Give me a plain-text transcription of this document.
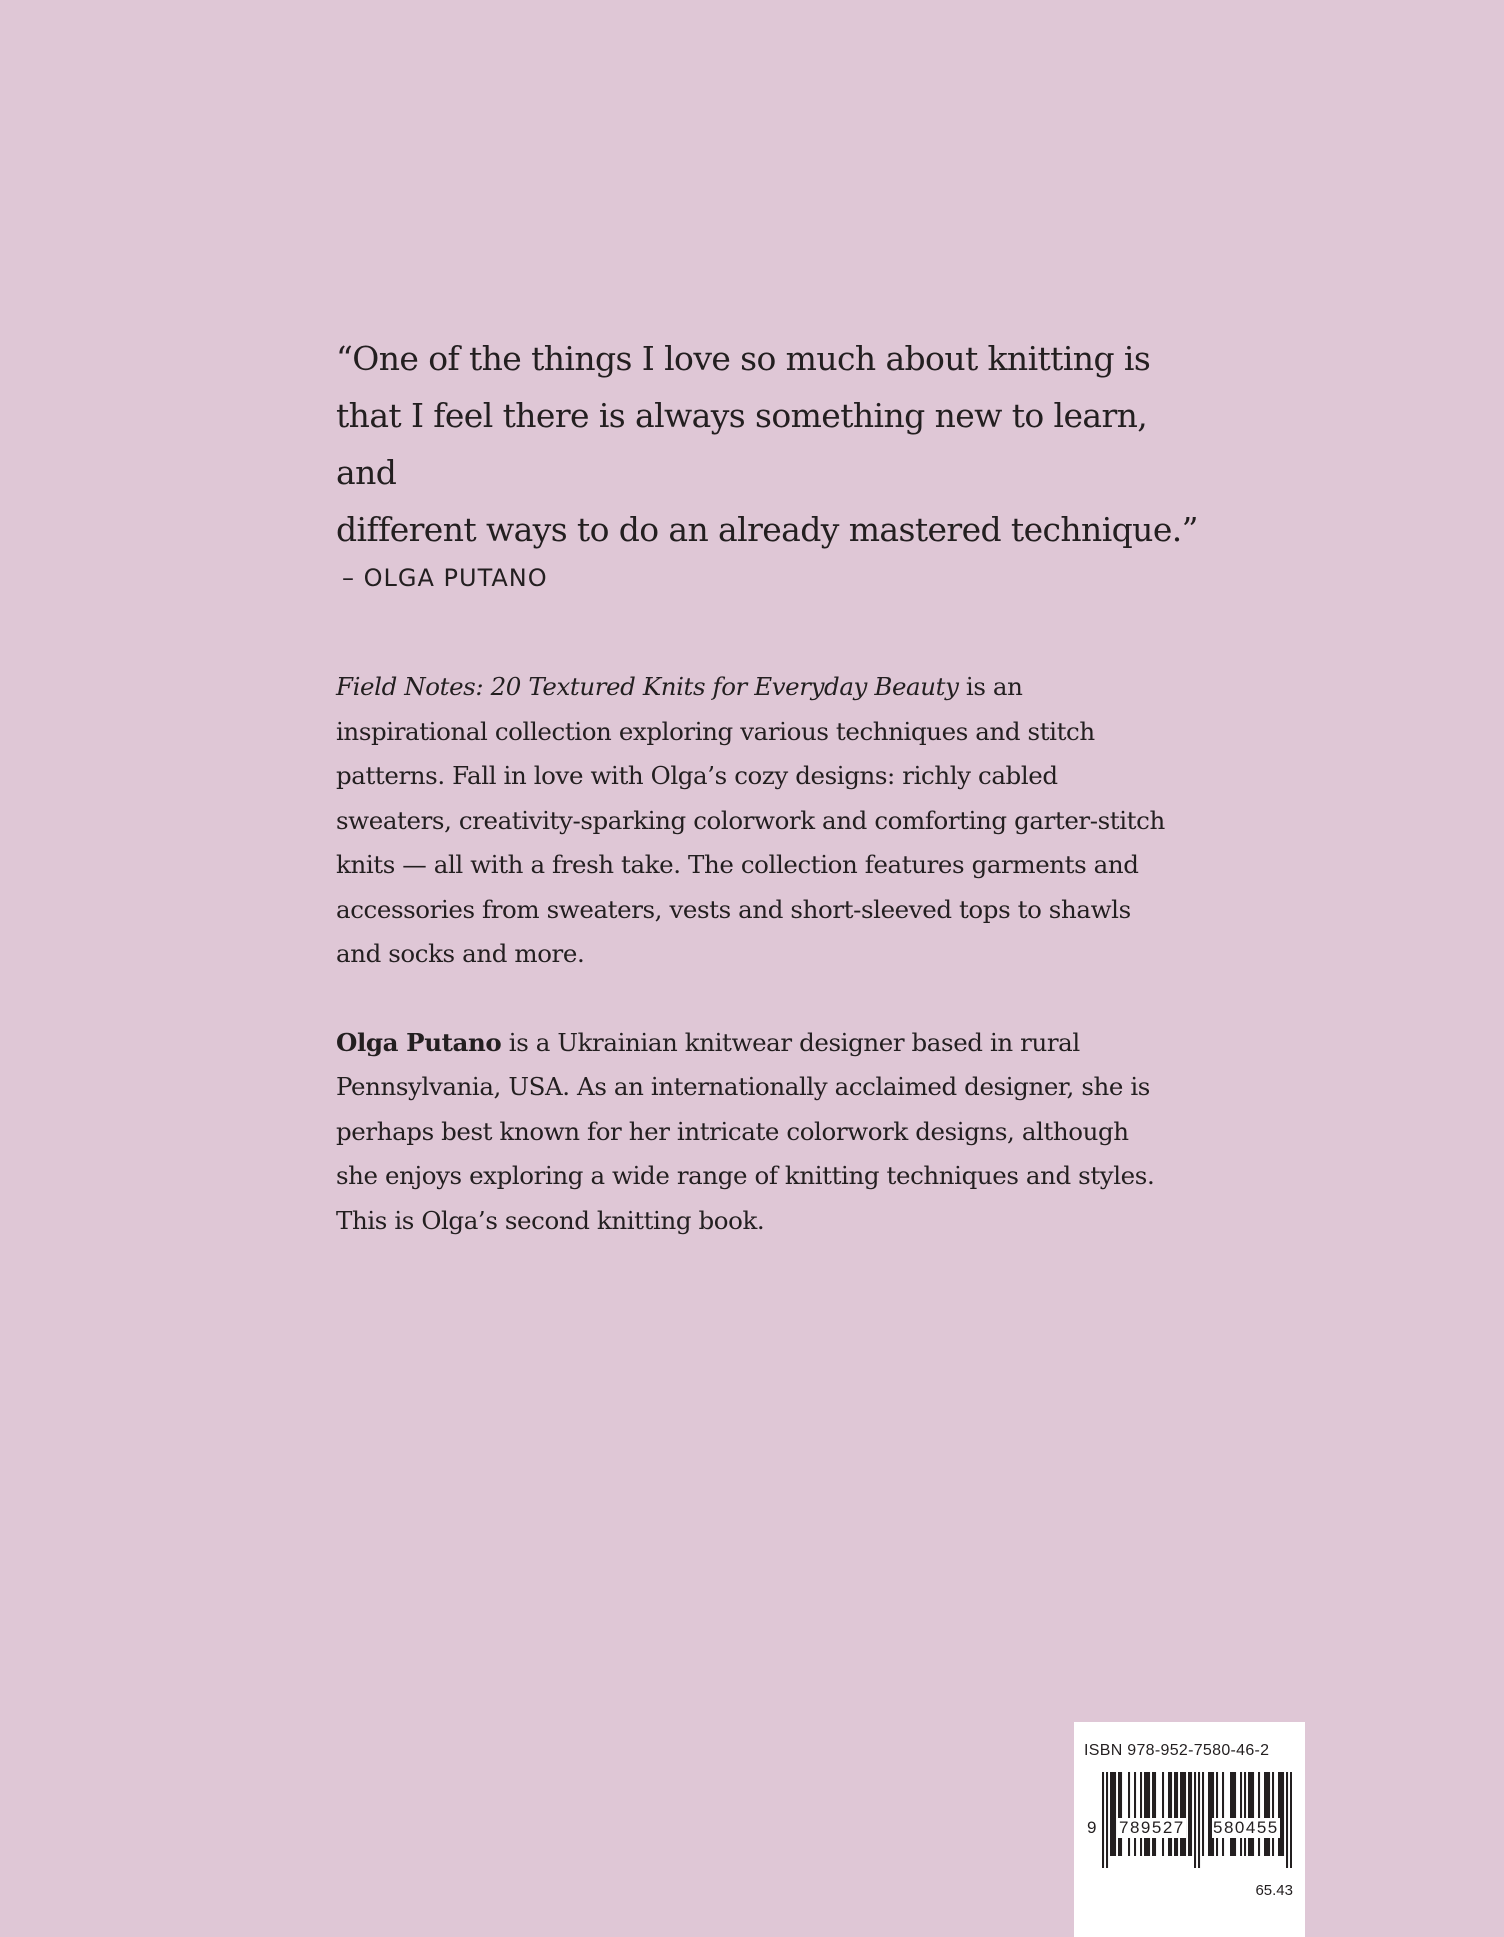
“One of the things I love so much about knitting is
that I feel there is always something new to learn, and
different ways to do an already mastered technique.”

– OLGA PUTANO

Field Notes: 20 Textured Knits for Everyday Beauty is an inspirational collection exploring various techniques and stitch patterns. Fall in love with Olga’s cozy designs: richly cabled sweaters, creativity-sparking colorwork and comforting garter-stitch knits — all with a fresh take. The collection features garments and accessories from sweaters, vests and short-sleeved tops to shawls and socks and more.

Olga Putano is a Ukrainian knitwear designer based in rural Pennsylvania, USA. As an internationally acclaimed designer, she is perhaps best known for her intricate colorwork designs, although she enjoys exploring a wide range of knitting techniques and styles. This is Olga’s second knitting book.

ISBN 978-952-7580-46-2
9 789527 580455
65.43
